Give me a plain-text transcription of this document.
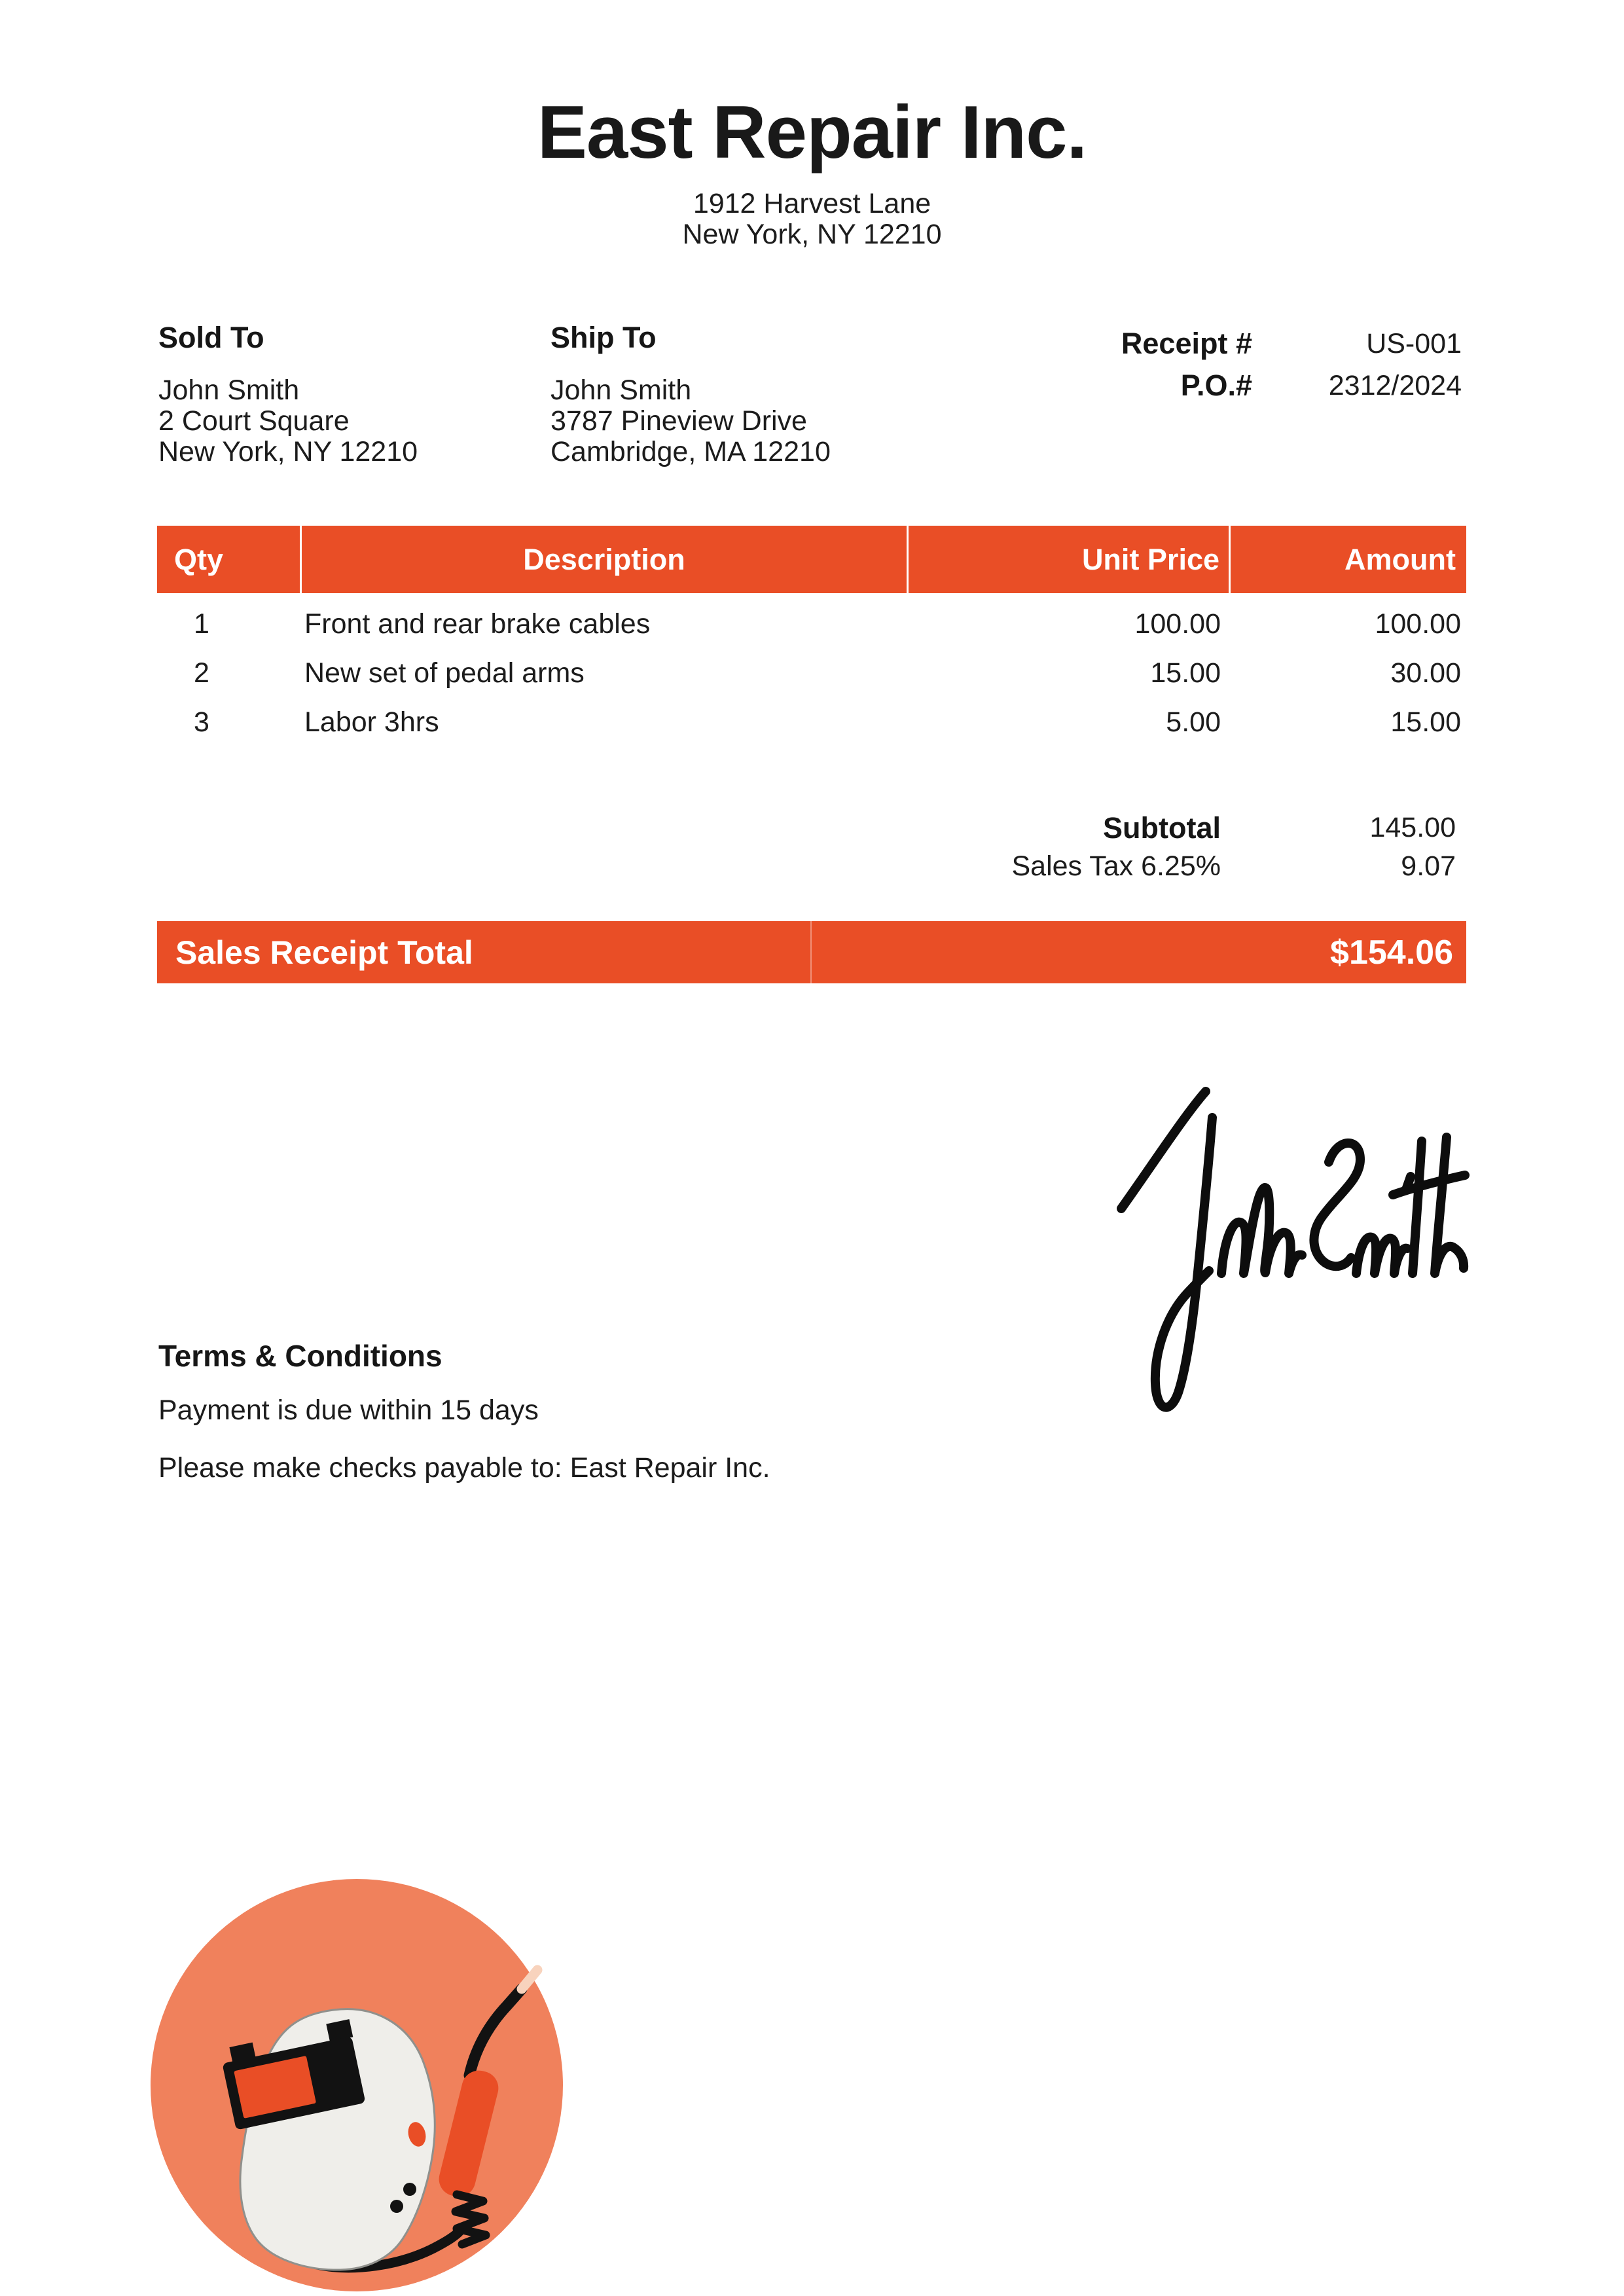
East Repair Inc.
1912 Harvest Lane
New York, NY 12210
Sold To
John Smith
2 Court Square
New York, NY 12210
Ship To
John Smith
3787 Pineview Drive
Cambridge, MA 12210
Receipt #	US-001
P.O.#	2312/2024
Qty	Description	Unit Price	Amount
1	Front and rear brake cables	100.00	100.00
2	New set of pedal arms	15.00	30.00
3	Labor 3hrs	5.00	15.00
Subtotal	145.00
Sales Tax 6.25%	9.07
Sales Receipt Total	$154.06
Terms & Conditions

Payment is due within 15 days

Please make checks payable to: East Repair Inc.
